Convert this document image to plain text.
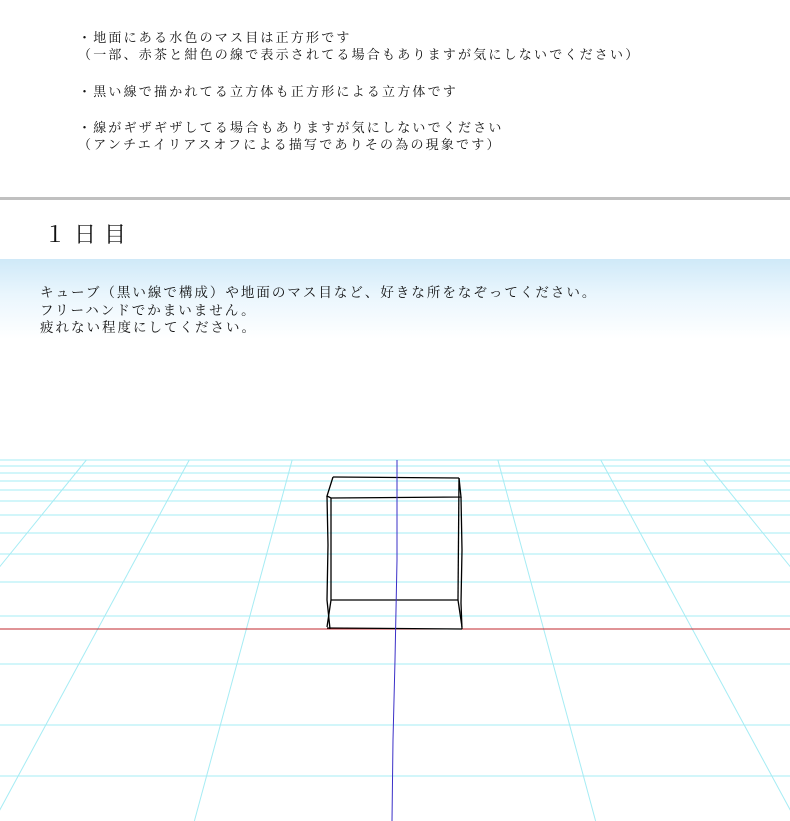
・地面にある水色のマス目は正方形です

（一部、赤茶と紺色の線で表示されてる場合もありますが気にしないでください）

・黒い線で描かれてる立方体も正方形による立方体です

・線がギザギザしてる場合もありますが気にしないでください

（アンチエイリアスオフによる描写でありその為の現象です）

１日目

キューブ（黒い線で構成）や地面のマス目など、好きな所をなぞってください。

フリーハンドでかまいません。

疲れない程度にしてください。
